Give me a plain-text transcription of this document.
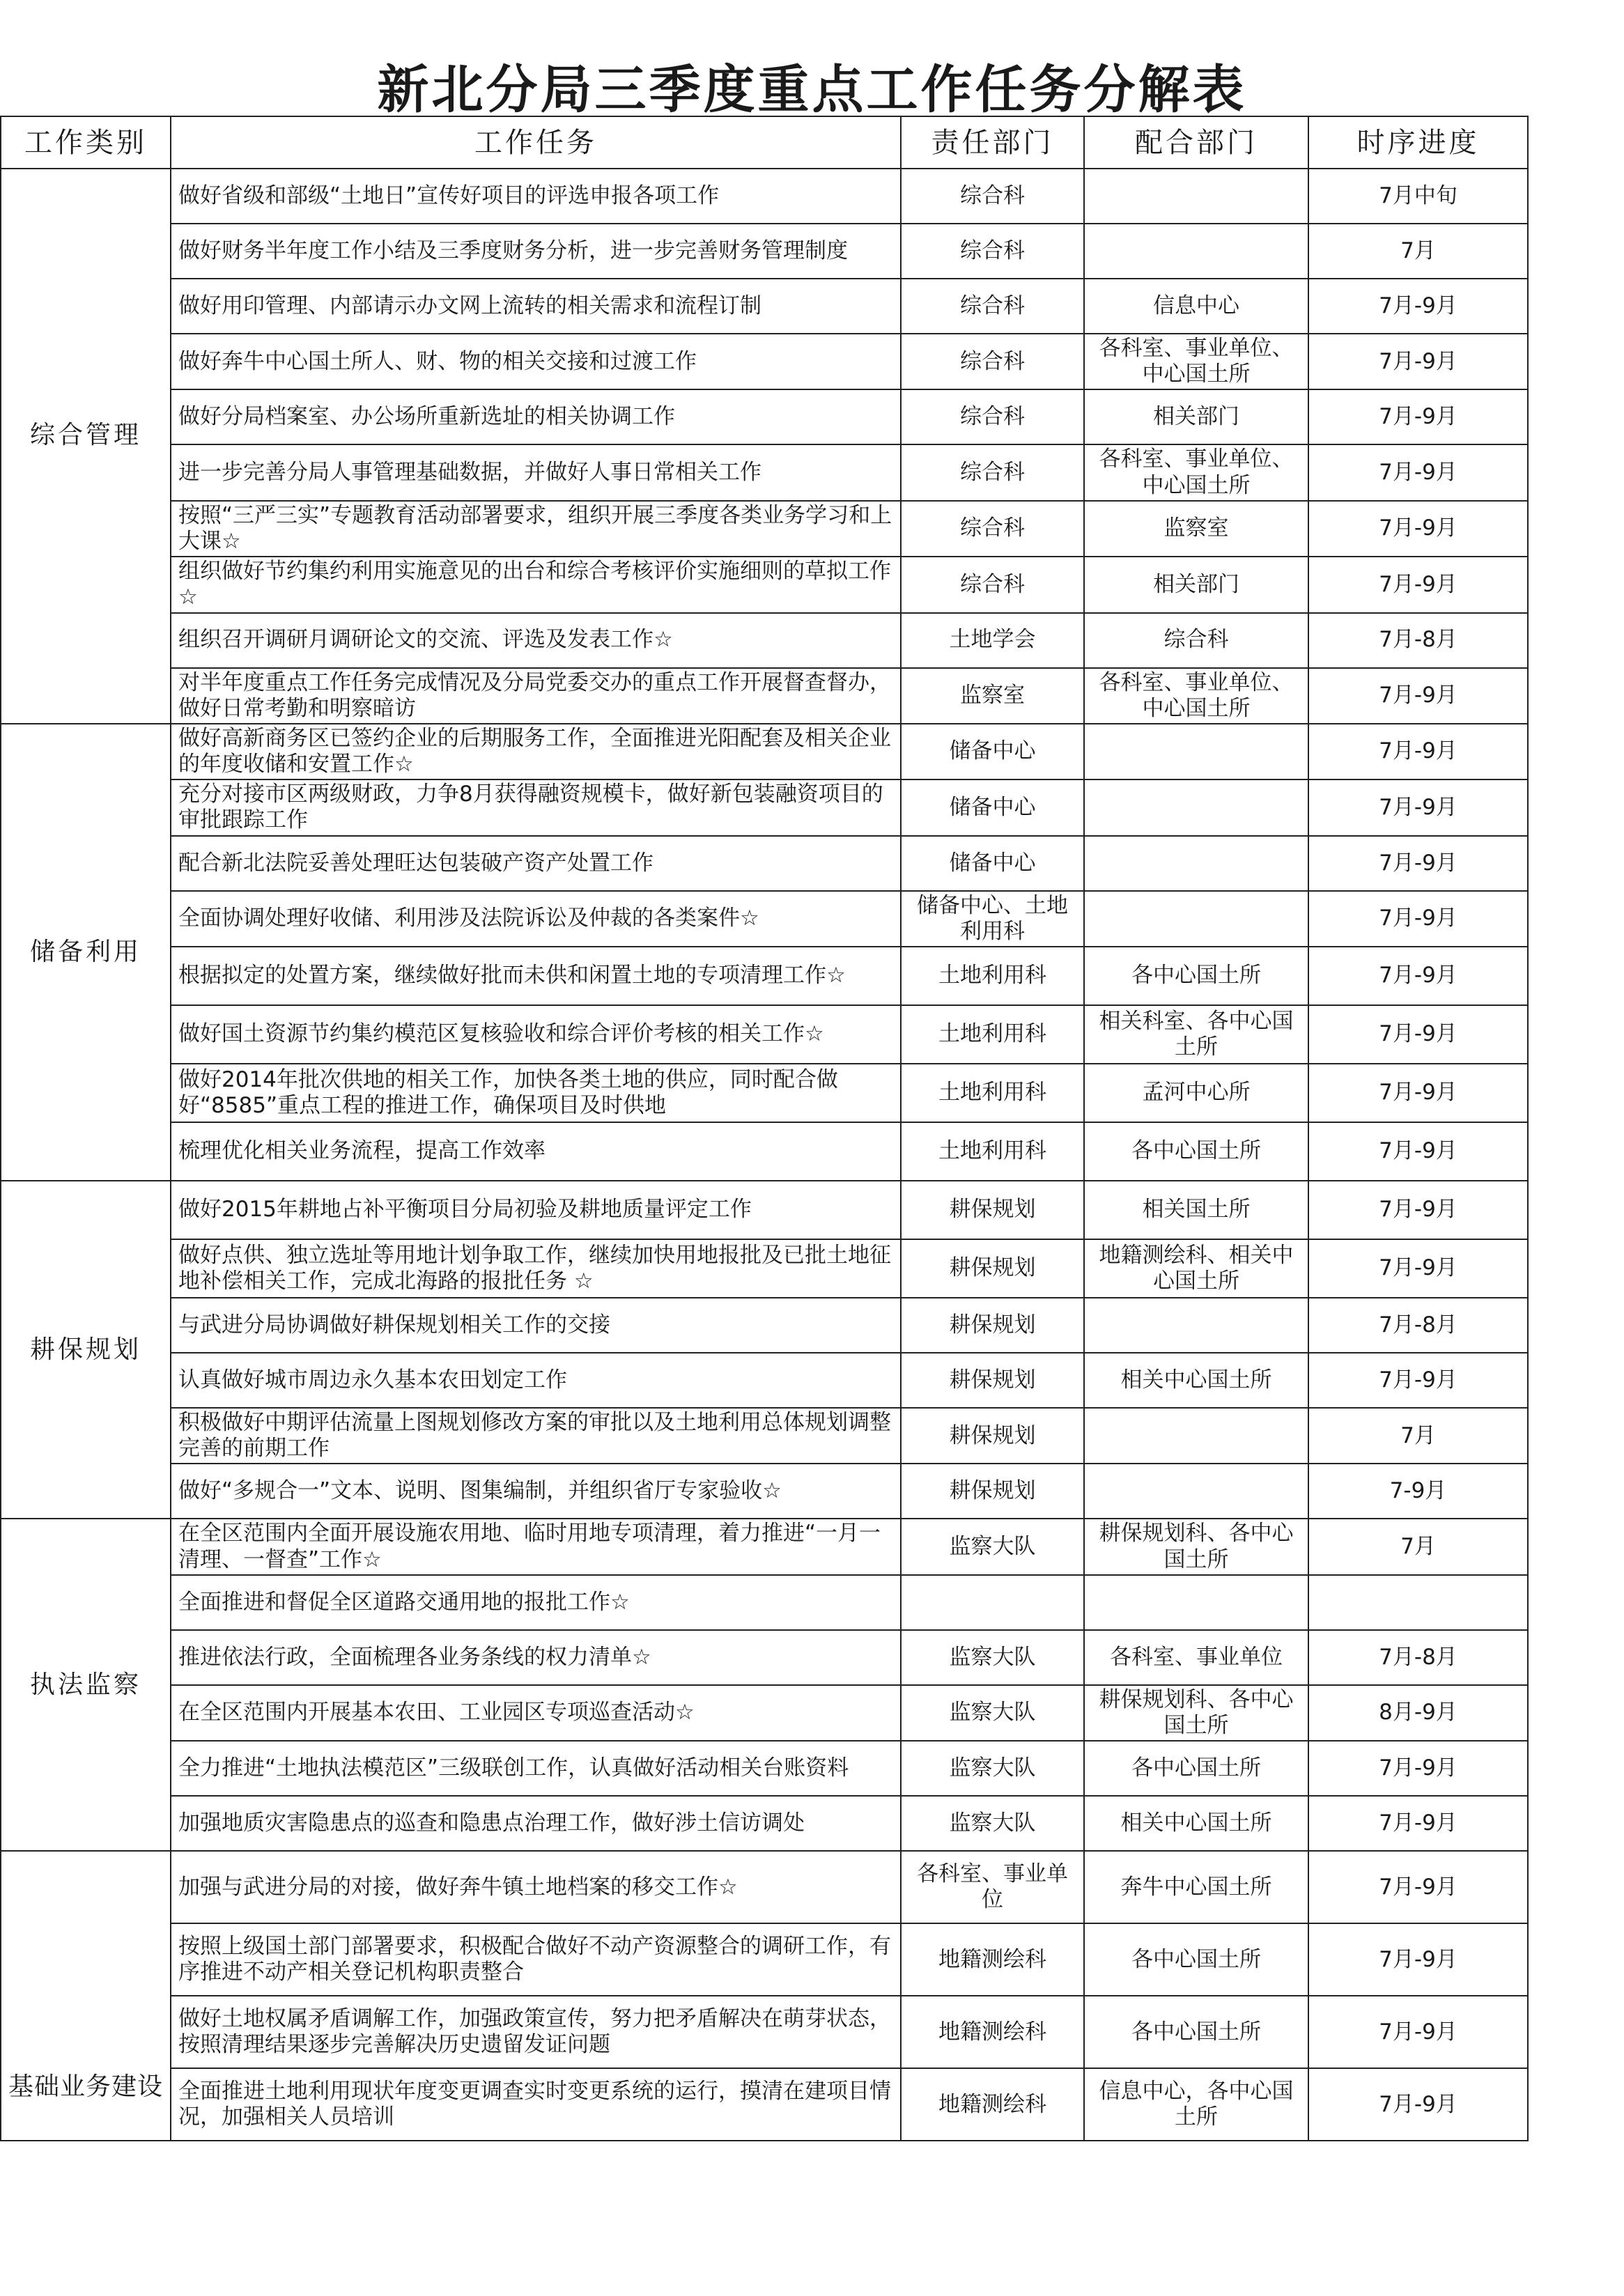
新北分局三季度重点工作任务分解表
工作类别	工作任务	责任部门	配合部门	时序进度
综合管理	做好省级和部级“土地日”宣传好项目的评选申报各项工作	综合科		7月中旬
	做好财务半年度工作小结及三季度财务分析，进一步完善财务管理制度	综合科		7月
	做好用印管理、内部请示办文网上流转的相关需求和流程订制	综合科	信息中心	7月-9月
	做好奔牛中心国土所人、财、物的相关交接和过渡工作	综合科	各科室、事业单位、中心国土所	7月-9月
	做好分局档案室、办公场所重新选址的相关协调工作	综合科	相关部门	7月-9月
	进一步完善分局人事管理基础数据，并做好人事日常相关工作	综合科	各科室、事业单位、中心国土所	7月-9月
	按照“三严三实”专题教育活动部署要求，组织开展三季度各类业务学习和上大课☆	综合科	监察室	7月-9月
	组织做好节约集约利用实施意见的出台和综合考核评价实施细则的草拟工作☆	综合科	相关部门	7月-9月
	组织召开调研月调研论文的交流、评选及发表工作☆	土地学会	综合科	7月-8月
	对半年度重点工作任务完成情况及分局党委交办的重点工作开展督查督办，做好日常考勤和明察暗访	监察室	各科室、事业单位、中心国土所	7月-9月
储备利用	做好高新商务区已签约企业的后期服务工作，全面推进光阳配套及相关企业的年度收储和安置工作☆	储备中心		7月-9月
	充分对接市区两级财政，力争8月获得融资规模卡，做好新包装融资项目的审批跟踪工作	储备中心		7月-9月
	配合新北法院妥善处理旺达包装破产资产处置工作	储备中心		7月-9月
	全面协调处理好收储、利用涉及法院诉讼及仲裁的各类案件☆	储备中心、土地利用科		7月-9月
	根据拟定的处置方案，继续做好批而未供和闲置土地的专项清理工作☆	土地利用科	各中心国土所	7月-9月
	做好国土资源节约集约模范区复核验收和综合评价考核的相关工作☆	土地利用科	相关科室、各中心国土所	7月-9月
	做好2014年批次供地的相关工作，加快各类土地的供应，同时配合做好“8585”重点工程的推进工作，确保项目及时供地	土地利用科	孟河中心所	7月-9月
	梳理优化相关业务流程，提高工作效率	土地利用科	各中心国土所	7月-9月
耕保规划	做好2015年耕地占补平衡项目分局初验及耕地质量评定工作	耕保规划	相关国土所	7月-9月
	做好点供、独立选址等用地计划争取工作，继续加快用地报批及已批土地征地补偿相关工作，完成北海路的报批任务 ☆	耕保规划	地籍测绘科、相关中心国土所	7月-9月
	与武进分局协调做好耕保规划相关工作的交接	耕保规划		7月-8月
	认真做好城市周边永久基本农田划定工作	耕保规划	相关中心国土所	7月-9月
	积极做好中期评估流量上图规划修改方案的审批以及土地利用总体规划调整完善的前期工作	耕保规划		7月
	做好“多规合一”文本、说明、图集编制，并组织省厅专家验收☆	耕保规划		7-9月
执法监察	在全区范围内全面开展设施农用地、临时用地专项清理，着力推进“一月一清理、一督查”工作☆	监察大队	耕保规划科、各中心国土所	7月
	全面推进和督促全区道路交通用地的报批工作☆			
	推进依法行政，全面梳理各业务条线的权力清单☆	监察大队	各科室、事业单位	7月-8月
	在全区范围内开展基本农田、工业园区专项巡查活动☆	监察大队	耕保规划科、各中心国土所	8月-9月
	全力推进“土地执法模范区”三级联创工作，认真做好活动相关台账资料	监察大队	各中心国土所	7月-9月
	加强地质灾害隐患点的巡查和隐患点治理工作，做好涉土信访调处	监察大队	相关中心国土所	7月-9月
基础业务建设	加强与武进分局的对接，做好奔牛镇土地档案的移交工作☆	各科室、事业单位	奔牛中心国土所	7月-9月
	按照上级国土部门部署要求，积极配合做好不动产资源整合的调研工作，有序推进不动产相关登记机构职责整合	地籍测绘科	各中心国土所	7月-9月
	做好土地权属矛盾调解工作，加强政策宣传，努力把矛盾解决在萌芽状态，按照清理结果逐步完善解决历史遗留发证问题	地籍测绘科	各中心国土所	7月-9月
	全面推进土地利用现状年度变更调查实时变更系统的运行，摸清在建项目情况，加强相关人员培训	地籍测绘科	信息中心，各中心国土所	7月-9月
